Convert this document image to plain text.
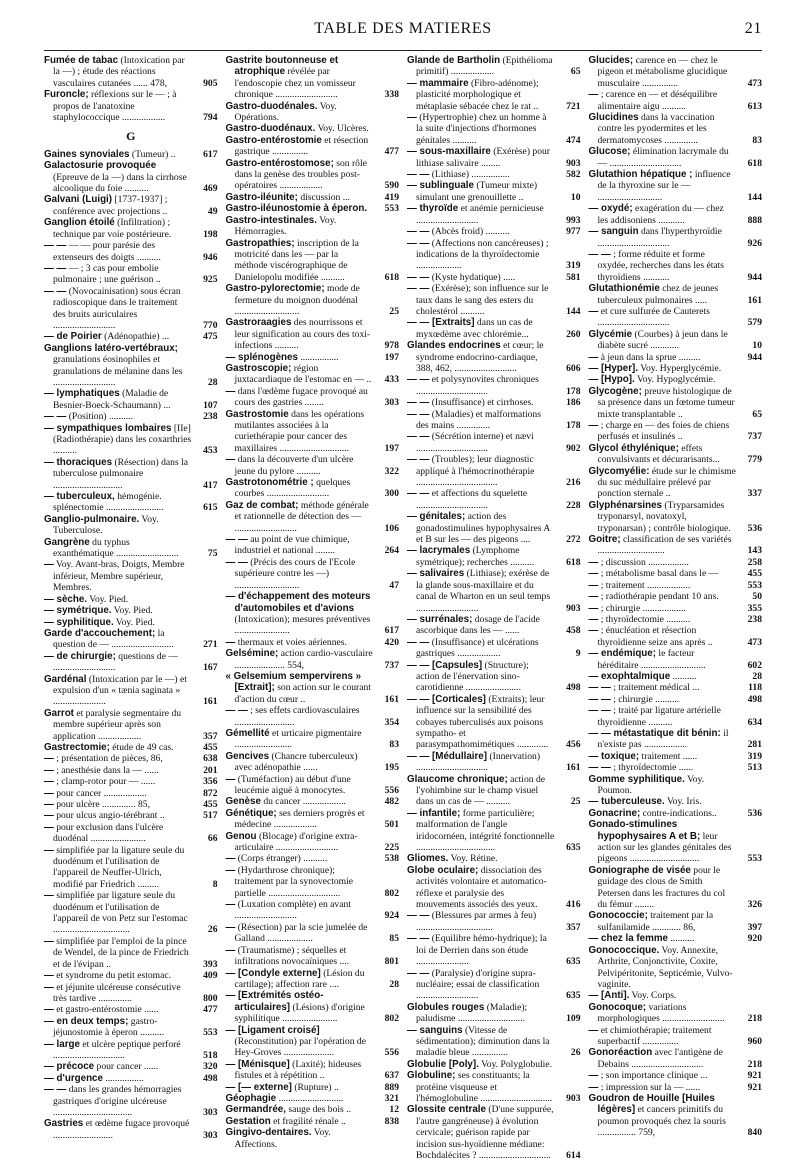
TABLE DES MATIERES	21

Fumée de tabac (Intoxication par la —) ; étude des réactions vasculaires cutanées ...... 478,	905

Furoncle; réflexions sur le — ; à propos de l'anatoxine staphylococcique ..................	794

G

Gaines synoviales (Tumeur) ..	617

Galactosurie provoquée (Epreuve de la —) dans la cirrhose alcoolique du foie ..........	469

Galvani (Luigi) [1737-1937] ; conférence avec projections ..	49

Ganglion étoilé (Infiltration) ; technique par voie postérieure.	198

— — — — pour parésie des extenseurs des doigts ..........	946

— — — ; 3 cas pour embolie pulmonaire ; une guérison ..	925

— — (Novocainisation) sous écran radioscopique dans le traitement des bruits auriculaires ..........................	770

— de Poirier (Adénopathie) ...	475

Ganglions latéro-vertébraux; granulations éosinophiles et granulations de mélanine dans les ..........................	28

— lymphatiques (Maladie de Besnier-Boeck-Schaumann) ...	107

— — (Position) ..........	238

— sympathiques lombaires [IIe] (Radiothérapie) dans les coxarthries ..........	453

— thoraciques (Résection) dans la tuberculose pulmonaire .............................	417

— tuberculeux, hémogénie. splénectomie ........................	615

Ganglio-pulmonaire. Voy. Tuberculose.

Gangrène du typhus exanthématique ..........................	75

— Voy. Avant-bras, Doigts, Membre inférieur, Membre supérieur, Membres.

— sèche. Voy. Pied.

— symétrique. Voy. Pied.

— syphilitique. Voy. Pied.

Garde d'accouchement; la question de — ..........................	271

— de chirurgie; questions de — ..........................	167

Gardénal (Intoxication par le —) et expulsion d'un « tænia saginata » ......................	161

Garrot et paralysie segmentaire du membre supérieur après son application ..................	357

Gastrectomie; étude de 49 cas.	455

— ; présentation de pièces, 86,	638

— ; anesthésie dans la — ......	201

— ; clamp-rotor pour — ......	356

— pour cancer ..................	872

— pour ulcère .............. 85,	455

— pour ulcus angio-térébrant ..	517

— pour exclusion dans l'ulcère duodénal .......................	66

— simplifiée par la ligature seule du duodénum et l'utilisation de l'appareil de Neuffer-Ulrich, modifié par Friedrich .........	8

— simplifiée par ligature seule du duodénum et l'utilisation de l'appareil de von Petz sur l'estomac ................................	26

— simplifiée par l'emploi de la pince de Wendel, de la pince de Friedrich et de l'évipan ..	393

— et syndrome du petit estomac.	409

— et jéjunite ulcéreuse consécutive très tardive ..............	800

— et gastro-entérostomie ......	477

— en deux temps; gastro-jéjunostomie à éperon ..........	553

— large et ulcère peptique perforé ..............................	518

— précoce pour cancer ......	320

— d'urgence ................	498

— — dans les grandes hémorragies gastriques d'origine ulcéreuse .................................	303

Gastries et œdème fugace provoqué .........................	303

Gastrite boutonneuse et atrophique révélée par l'endoscopie chez un vomisseur chronique ..........................	338

Gastro-duodénales. Voy. Opérations.

Gastro-duodénaux. Voy. Ulcères.

Gastro-entérostomie et résection gastrique ...............	477

Gastro-entérostomose; son rôle dans la genèse des troubles post-opératoires ..................	590

Gastro-iléunite; discussion ...	419

Gastro-iléunostomie à éperon. 553

Gastro-intestinales. Voy. Hémorragies.

Gastropathies; inscription de la motricité dans les — par la méthode viscérographique de Danielopolu modifiée ..........	618

Gastro-pylorectomie; mode de fermeture du moignon duodénal ...........................	25

Gastroraagies des nourrissons et leur signification au cours des toxi-infections ..........	978

— splénogènes ................	197

Gastroscopie; région juxtacardiaque de l'estomac en — .. 433

— dans l'œdème fugace provoqué au cours des gastries ........	303

Gastrostomie dans les opérations mutilantes associées à la curiethérapie pour cancer des maxillaires .............................	197

— dans la découverte d'un ulcère jeune du pylore ..........	322

Gastrotonométrie ; quelques courbes ..........................	300

Gaz de combat; méthode générale et rationnelle de détection des — ..........................	106

— — au point de vue chimique, industriel et national ........	264

— — (Précis des cours de l'Ecole supérieure contre les —) ...........................	47

— d'échappement des moteurs d'automobiles et d'avions (Intoxication); mesures préventives .......................	617

— thermaux et voies aériennes.	420

Gelsémine; action cardio-vasculaire ..................... 554,	737

« Gelsemium sempervirens » [Extrait]; son action sur le courant d'action du cœur ..	161

— — ; ses effets cardiovasculaires .........................	354

Gémellité et urticaire pigmentaire ........................	83

Gencives (Chancre tuberculeux) avec adénopathie ......	195

— (Tuméfaction) au début d'une leucémie aiguë à monocytes.	556

Genèse du cancer ..................	482

Génétique; ses derniers progrès et médecine ..................	501

Genou (Blocage) d'origine extra-articulaire ..........................	225

— (Corps étranger) ..........	538

— (Hydarthrose chronique); traitement par la synovectomie partielle ..............................	802

— (Luxation complète) en avant ..........................	924

— (Résection) par la scie jumelée de Galland ...................	85

— (Traumatisme) ; séquelles et infiltrations novocaïniques ....	801

— [Condyle externe] (Lésion du cartilage); affection rare ....	28

— [Extrémités ostéo-articulaires] (Lésions) d'origine syphilitique .......................	802

— [Ligament croisé] (Reconstitution) par l'opération de Hey-Groves .....................	556

— [Ménisque] (Laxité); hideuses fistules et à répétition ..	637

— [— externe] (Rupture) ..	889

Géophagie ...........................	321

Germandrée, sauge des bois ..	12

Gestation et fragilité rénale ..	838

Gingivo-dentaires. Voy. Affections.

Glande de Bartholin (Epithélioma primitif) ..................	65

— mammaire (Fibro-adénome); plasticité morphologique et métaplasie sébacée chez le rat ..	721

— (Hypertrophie) chez un homme à la suite d'injections d'hormones génitales ..........	474

— sous-maxillaire (Exérèse) pour lithiase salivaire ........	903

— — (Lithiase) ................	582

— sublinguale (Tumeur mixte) simulant une grenouillette ..	10

— thyroïde et anémie pernicieuse ..........................	993

— — (Abcès froid) ..........	977

— — (Affections non cancéreuses) ; indications de la thyroïdectomie ...................	319

— — (Kyste hydatique) .....	581

— — (Exérèse); son influence sur le taux dans le sang des esters du cholestérol ..........	144

— — [Extraits] dans un cas de myxœdème avec chlorémie...	260

Glandes endocrines et cœur; le syndrome endocrino-cardiaque, 388, 462, ..........................	606

— — et polysynovites chroniques ..............................	178

— — (Insuffisance) et cirrhoses.	186

— — (Maladies) et malformations des mains ..............	178

— — (Sécrétion interne) et nævi ..............................	902

— — (Troubles); leur diagnostic appliqué à l'hémocrinothérapie ..................................	216

— — et affections du squelette ..............................	228

— génitales; action des gonadostimulines hypophysaires A et B sur les — des pigeons ....	272

— lacrymales (Lymphome symétrique); recherches ..........	618

— salivaires (Lithiase); exérèse de la glande sous-maxillaire et du canal de Wharton en un seul temps ..........................	903

— surrénales; dosage de l'acide ascorbique dans les — ......	458

— — (Insuffisance) et ulcérations gastriques ..................	9

— — [Capsules] (Structure); action de l'énervation sino-carotidienne .......................	498

— — [Corticales] (Extraits); leur influence sur la sensibilité des cobayes tuberculisés aux poisons sympatho- et parasympathomimétiques ............. 456

— — [Médullaire] (Innervation) ..............................	161

Glaucome chronique; action de l'yohimbine sur le champ visuel dans un cas de — ..........	25

— infantile; forme particulière; malformation de l'angle iridocornéen, intégrité fonctionnelle .................................	635

Gliomes. Voy. Rétine.

Globe oculaire; dissociation des activités volontaire et automatico-réflexe et paralysie des mouvements associés des yeux.	416

— — (Blessures par armes à feu) ................................	357

— — (Equilibre hémo-hydrique); la loi de Derrien dans son étude ......................	635

— — (Paralysie) d'origine supra-nucléaire; essai de classification ..........................	635

Globules rouges (Maladie); paludisme ............................	109

— sanguins (Vitesse de sédimentation); diminution dans la maladie bleue ...............	26

Globulie [Poly]. Voy. Polyglobulie.

Globuline; ses constituants; la protéine visqueuse et l'hémoglobuline .............................. 903

Glossite centrale (D'une suppurée, l'autre gangréneuse) à évolution cervicale; guérison rapide par incision sus-hyoïdienne médiane: Bochdalécites ? .............................. 614

Glucides; carence en — chez le pigeon et métabolisme glucidique musculaire ...............	473

— ; carence en — et déséquilibre alimentaire aigu ..........	613

Glucidines dans la vaccination contre les pyodermites et les dermatomycoses ..............	83

Glucose; élimination lacrymale du — ..............................	618

Glutathion hépatique ; influence de la thyroxine sur le — ...........................	144

— oxydé; exagération du — chez les addisoniens ...........	888

— sanguin dans l'hyperthyroïdie ..............................	926

— — ; forme réduite et forme oxydée, recherches dans les états thyroïdiens ...........	944

Glutathionémie chez de jeunes tuberculeux pulmonaires .....	161

— et cure sulfurée de Cauterets ..............................	579

Glycémie (Courbes) à jeun dans le diabète sucré ............	10

— à jeun dans la sprue .........	944

— [Hyper]. Voy. Hyperglycémie.

— [Hypo]. Voy. Hypoglycémie.

Glycogène; preuve histologique de sa présence dans un fœtome tumeur mixte transplantable ..	65

— ; charge en — des foies de chiens perfusés et insulinés ..	737

Glycol éthylénique; effets convulsivants et décurarisants...	779

Glycomyélie: étude sur le chimisme du suc médullaire prélevé par ponction sternale ..	337

Glyphénarsines (Tryparsamides tryponarsyl, novatoxyl, tryponarsan) ; contrôle biologique. 536

Goitre; classification de ses variétés ............................	143

— ; discussion .................	258

— ; métabolisme basal dans le —	455

— ; traitement ..................	553

— ; radiothérapie pendant 10 ans.	50

— ; chirurgie ..................	355

— ; thyroïdectomie ..........	238

— ; énucléation et résection thyroïdienne seize ans après ..	473

— endémique; le facteur héréditaire ...........................	602

— exophtalmique ..........	28

— — ; traitement médical ...	118

— — ; chirurgie ..........	498

— — ; traité par ligature artérielle thyroïdienne ..........	634

— — métastatique dit bénin: il n'existe pas ..................	281

— toxique; traitement ......	319

— — ; thyroïdectomie ......	513

Gomme syphilitique. Voy. Poumon.

— tuberculeuse. Voy. Iris.

Gonacrine; contre-indications..	536

Gonado-stimulines hypophysaires A et B; leur action sur les glandes génitales des pigeons .............................	553

Goniographe de visée pour le guidage des clous de Smith Petersen dans les fractures du col du fémur ........	326

Gonococcie; traitement par la sulfanilamide ............ 86,	397

— chez la femme ..........	920

Gonococcique. Voy. Annexite, Arthrite, Conjonctivite, Coxite, Pelvipéritonite, Septicémie, Vulvo-vaginite.

— [Anti]. Voy. Corps.

Gonocoque; variations morphologiques .......................... 218

— et chimiothérapie; traitement superbactif ...............	960

Gonoréaction avec l'antigène de Debains ..............................	218

— ; son importance clinique ...	921

— ; impression sur la — ......	921

Goudron de Houille [Huiles légères] et cancers primitifs du poumon provoqués chez la souris ................ 759,	840
